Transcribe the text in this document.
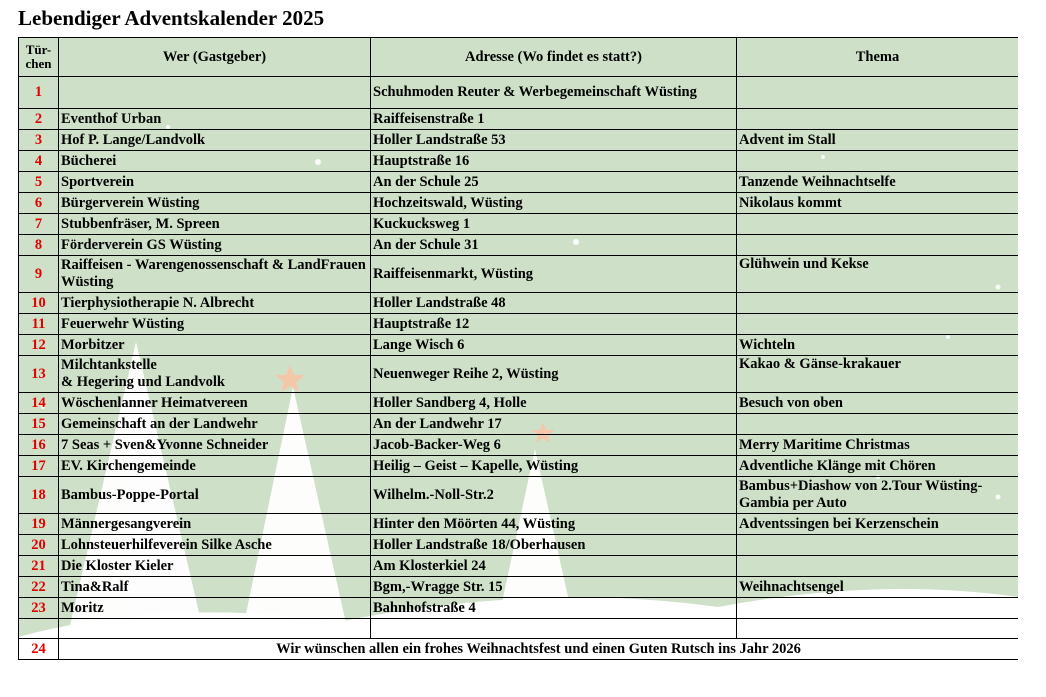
Lebendiger Adventskalender 2025
Tür-chen	Wer (Gastgeber)	Adresse (Wo findet es statt?)	Thema
1		Schuhmoden Reuter & Werbegemeinschaft Wüsting	
2	Eventhof Urban	Raiffeisenstraße 1	
3	Hof P. Lange/Landvolk	Holler Landstraße 53	Advent im Stall
4	Bücherei	Hauptstraße 16	
5	Sportverein	An der Schule 25	Tanzende Weihnachtselfe
6	Bürgerverein Wüsting	Hochzeitswald, Wüsting	Nikolaus kommt
7	Stubbenfräser, M. Spreen	Kuckucksweg 1	
8	Förderverein GS Wüsting	An der Schule 31	
9	Raiffeisen - Warengenossenschaft & LandFrauen Wüsting	Raiffeisenmarkt, Wüsting	Glühwein und Kekse
10	Tierphysiotherapie N. Albrecht	Holler Landstraße 48	
11	Feuerwehr Wüsting	Hauptstraße 12	
12	Morbitzer	Lange Wisch 6	Wichteln
13	Milchtankstelle
& Hegering und Landvolk	Neuenweger Reihe 2, Wüsting	Kakao & Gänse-krakauer
14	Wöschenlanner Heimatvereen	Holler Sandberg 4, Holle	Besuch von oben
15	Gemeinschaft an der Landwehr	An der Landwehr 17	
16	7 Seas + Sven&Yvonne Schneider	Jacob-Backer-Weg 6	Merry Maritime Christmas
17	EV. Kirchengemeinde	Heilig – Geist – Kapelle, Wüsting	Adventliche Klänge mit Chören
18	Bambus-Poppe-Portal	Wilhelm.-Noll-Str.2	Bambus+Diashow von 2.Tour Wüsting-Gambia per Auto
19	Männergesangverein	Hinter den Möörten 44, Wüsting	Adventssingen bei Kerzenschein
20	Lohnsteuerhilfeverein Silke Asche	Holler Landstraße 18/Oberhausen	
21	Die Kloster Kieler	Am Klosterkiel 24	
22	Tina&Ralf	Bgm,-Wragge Str. 15	Weihnachtsengel
23	Moritz	Bahnhofstraße 4	

24	Wir wünschen allen ein frohes Weihnachtsfest und einen Guten Rutsch ins Jahr 2026		
